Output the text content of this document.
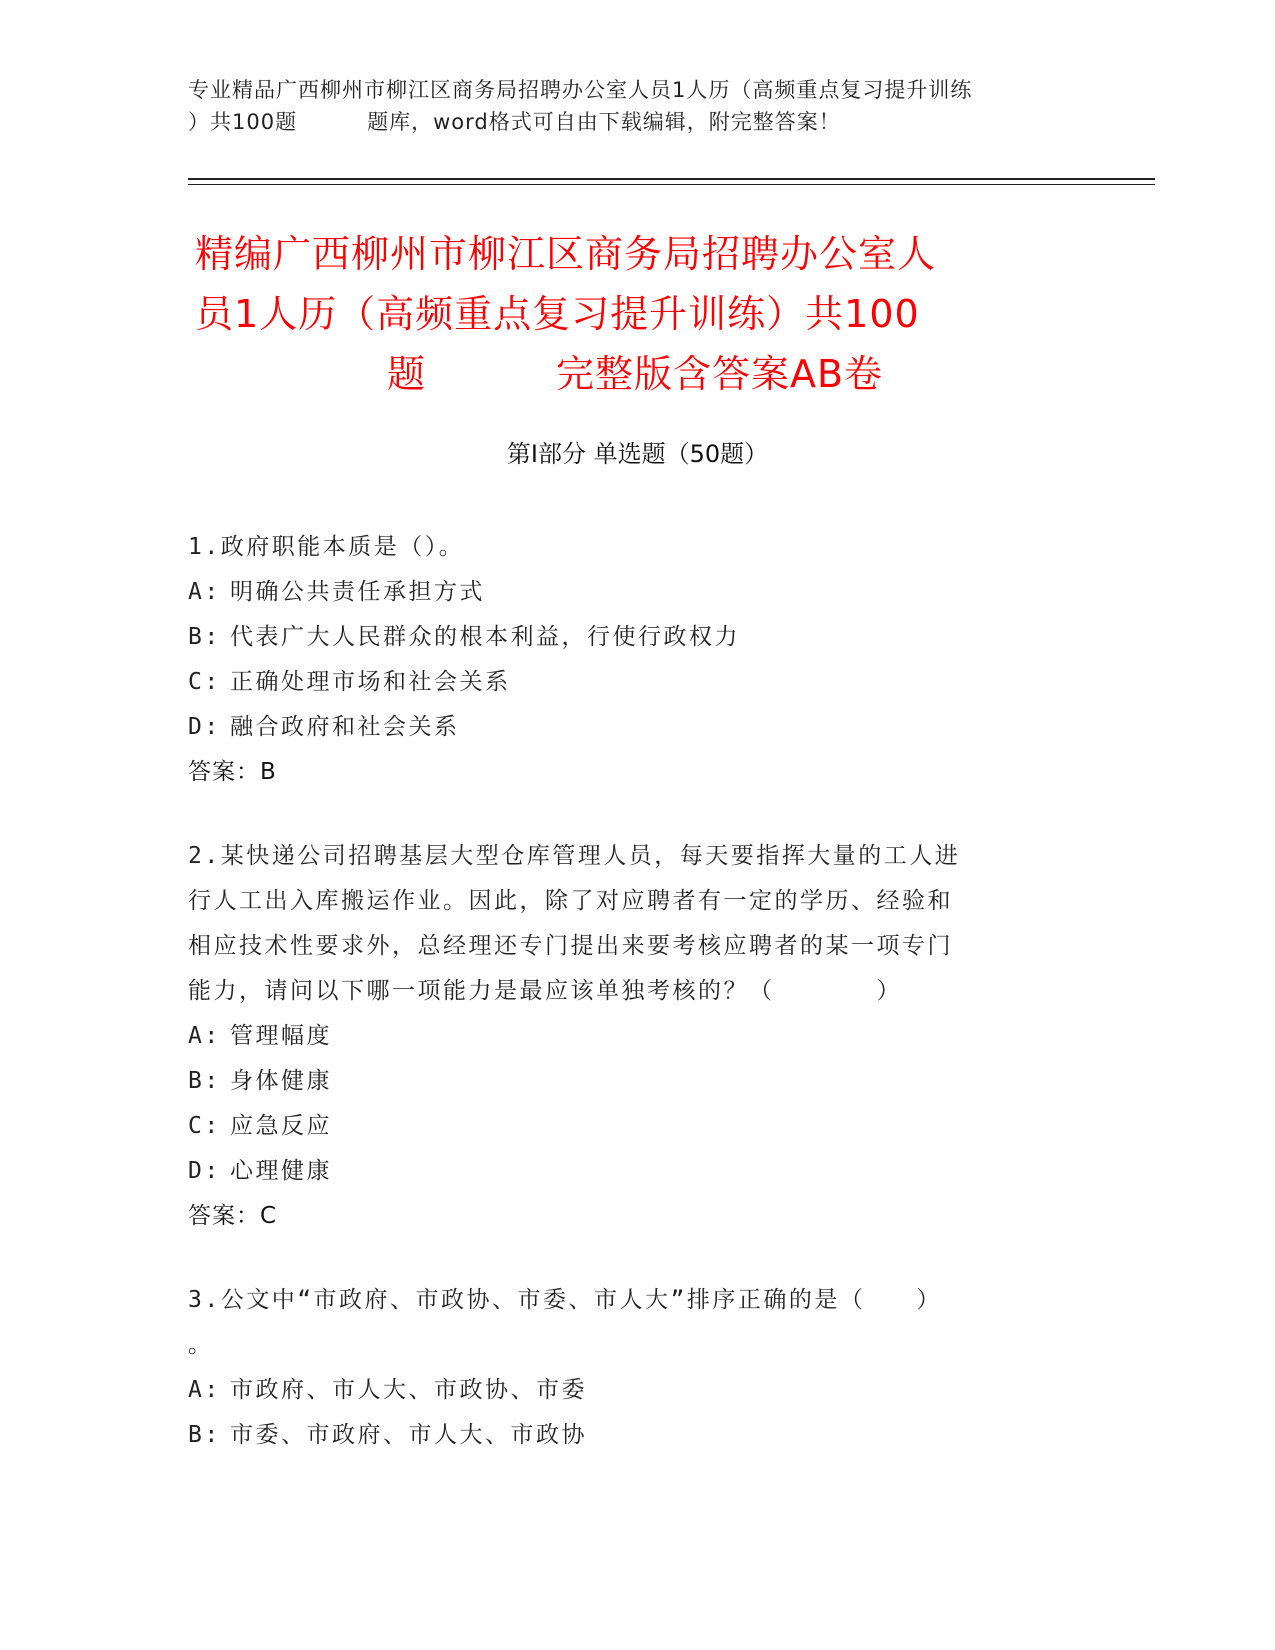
专业精品广西柳州市柳江区商务局招聘办公室人员1人历（高频重点复习提升训练
）共100题	题库，word格式可自由下载编辑，附完整答案！
精编广西柳州市柳江区商务局招聘办公室人
员1人历（高频重点复习提升训练）共100
题	完整版含答案AB卷
第Ⅰ部分 单选题（50题）
1.政府职能本质是（）。
A: 明确公共责任承担方式
B: 代表广大人民群众的根本利益，行使行政权力
C: 正确处理市场和社会关系
D: 融合政府和社会关系
答案：B
2.某快递公司招聘基层大型仓库管理人员，每天要指挥大量的工人进
行人工出入库搬运作业。因此，除了对应聘者有一定的学历、经验和
相应技术性要求外，总经理还专门提出来要考核应聘者的某一项专门
能力，请问以下哪一项能力是最应该单独考核的？（　　　　）
A: 管理幅度
B: 身体健康
C: 应急反应
D: 心理健康
答案：C
3.公文中“市政府、市政协、市委、市人大”排序正确的是（　　）
。
A: 市政府、市人大、市政协、市委
B: 市委、市政府、市人大、市政协
